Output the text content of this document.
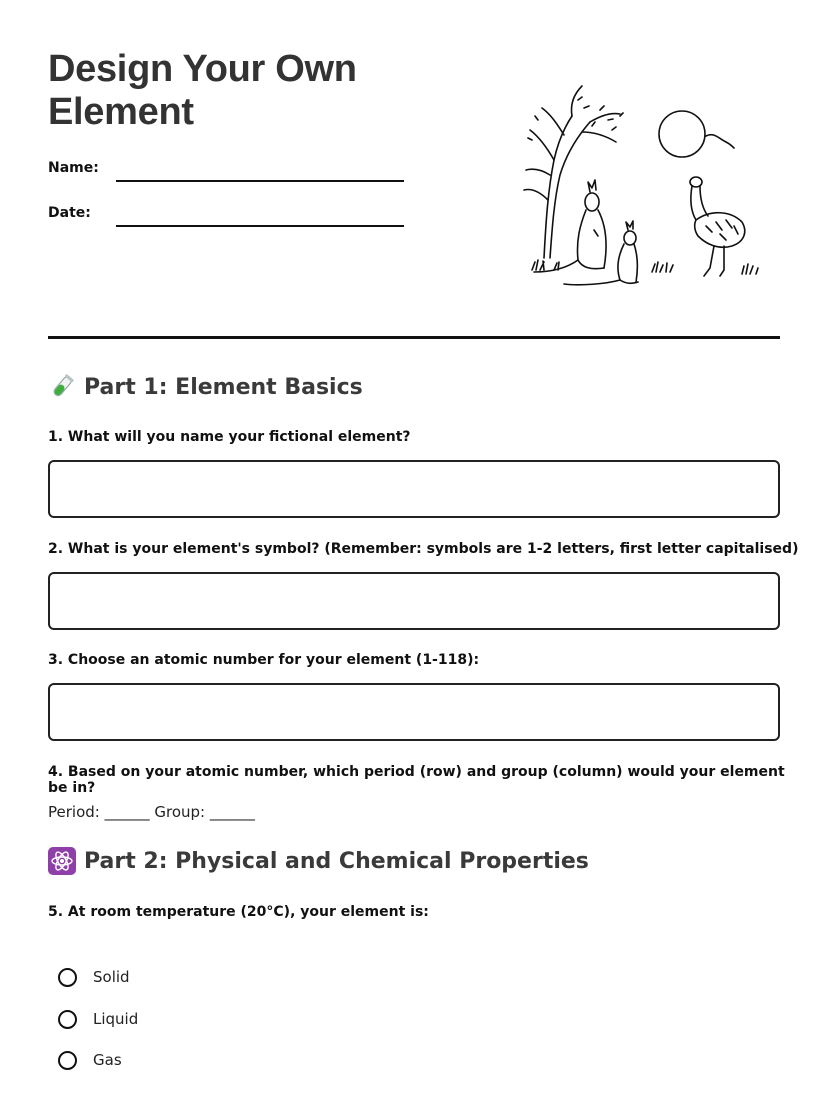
Design Your Own Element
Name:
Date:
Part 1: Element Basics
1. What will you name your fictional element?
2. What is your element's symbol? (Remember: symbols are 1-2 letters, first letter capitalised)
3. Choose an atomic number for your element (1-118):
4. Based on your atomic number, which period (row) and group (column) would your element be in?
Period: ______ Group: ______
Part 2: Physical and Chemical Properties
5. At room temperature (20°C), your element is:
Solid
Liquid
Gas
